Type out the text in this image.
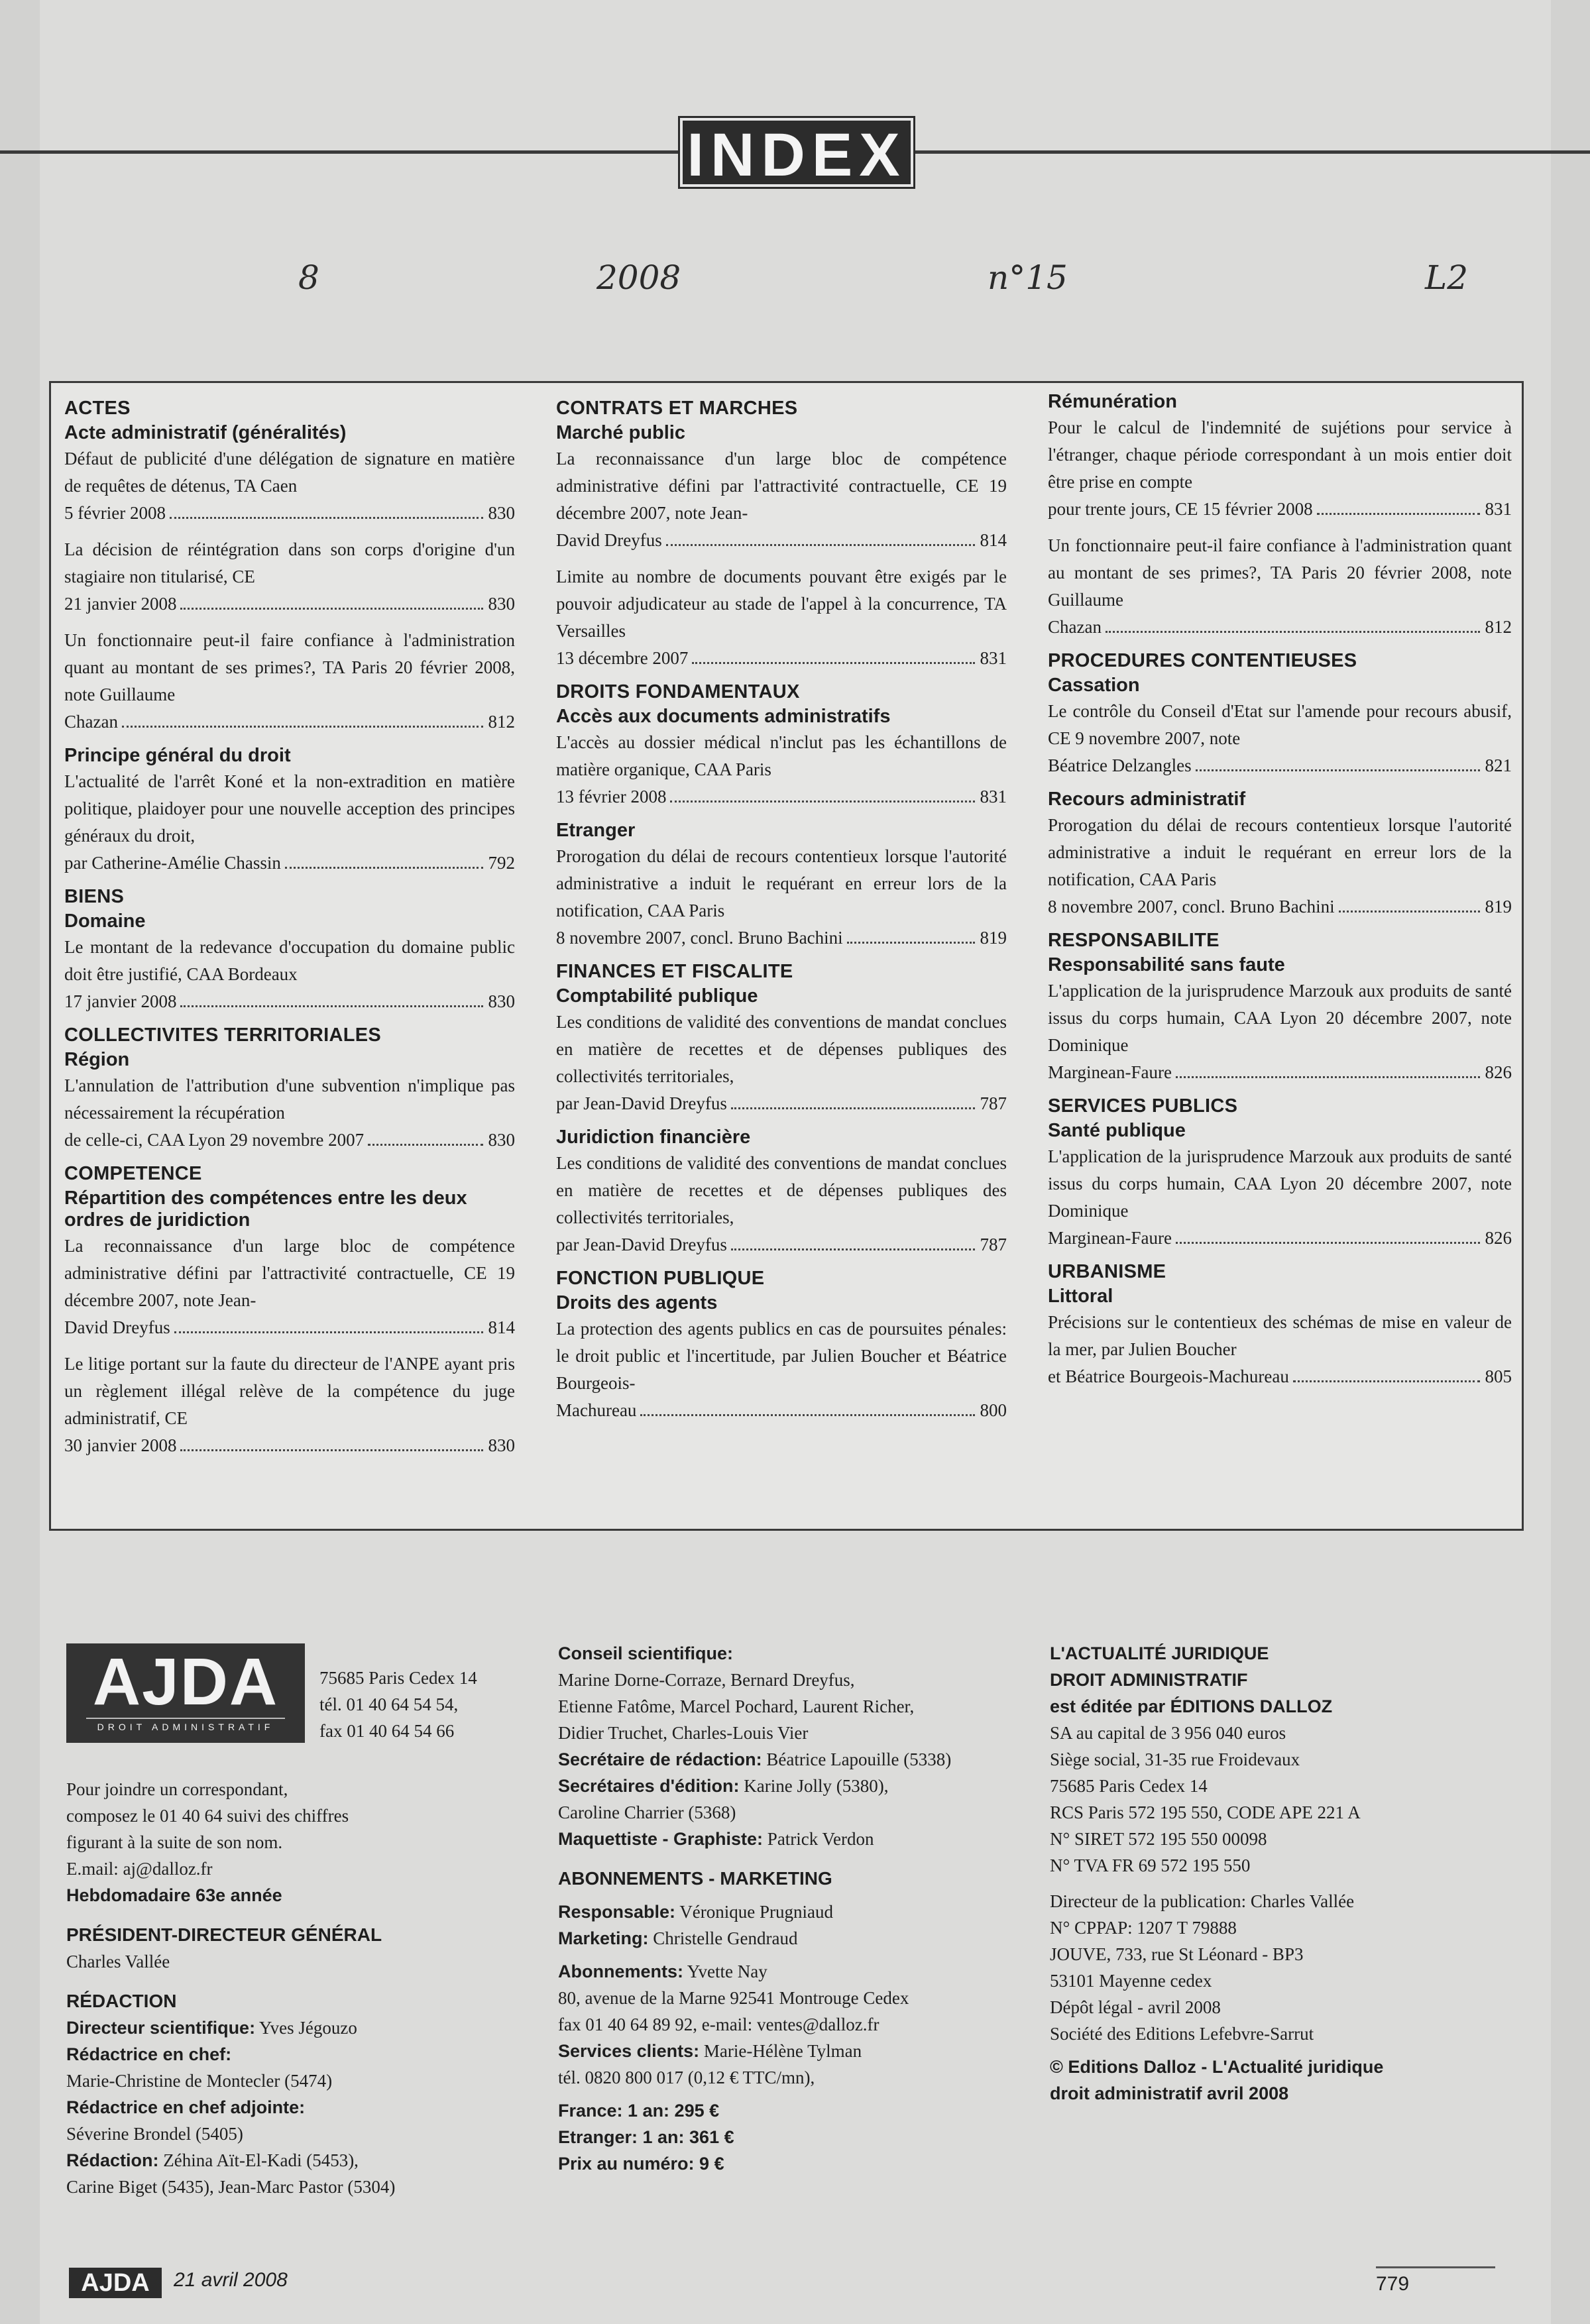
INDEX
8	2008	n°15	L2
ACTES
Acte administratif (généralités)
Défaut de publicité d'une délégation de signature en matière de requêtes de détenus, TA Caen
5 février 2008	830
La décision de réintégration dans son corps d'origine d'un stagiaire non titularisé, CE
21 janvier 2008	830
Un fonctionnaire peut-il faire confiance à l'administration quant au montant de ses primes?, TA Paris 20 février 2008, note Guillaume
Chazan	812
Principe général du droit
L'actualité de l'arrêt Koné et la non-extradition en matière politique, plaidoyer pour une nouvelle acception des principes généraux du droit,
par Catherine-Amélie Chassin	792
BIENS
Domaine
Le montant de la redevance d'occupation du domaine public doit être justifié, CAA Bordeaux
17 janvier 2008	830
COLLECTIVITES TERRITORIALES
Région
L'annulation de l'attribution d'une subvention n'implique pas nécessairement la récupération
de celle-ci, CAA Lyon 29 novembre 2007	830
COMPETENCE
Répartition des compétences entre les deux ordres de juridiction
La reconnaissance d'un large bloc de compétence administrative défini par l'attractivité contractuelle, CE 19 décembre 2007, note Jean-
David Dreyfus	814
Le litige portant sur la faute du directeur de l'ANPE ayant pris un règlement illégal relève de la compétence du juge administratif, CE
30 janvier 2008	830
CONTRATS ET MARCHES
Marché public
La reconnaissance d'un large bloc de compétence administrative défini par l'attractivité contractuelle, CE 19 décembre 2007, note Jean-
David Dreyfus	814
Limite au nombre de documents pouvant être exigés par le pouvoir adjudicateur au stade de l'appel à la concurrence, TA Versailles
13 décembre 2007	831
DROITS FONDAMENTAUX
Accès aux documents administratifs
L'accès au dossier médical n'inclut pas les échantillons de matière organique, CAA Paris
13 février 2008	831
Etranger
Prorogation du délai de recours contentieux lorsque l'autorité administrative a induit le requérant en erreur lors de la notification, CAA Paris
8 novembre 2007, concl. Bruno Bachini	819
FINANCES ET FISCALITE
Comptabilité publique
Les conditions de validité des conventions de mandat conclues en matière de recettes et de dépenses publiques des collectivités territoriales,
par Jean-David Dreyfus	787
Juridiction financière
Les conditions de validité des conventions de mandat conclues en matière de recettes et de dépenses publiques des collectivités territoriales,
par Jean-David Dreyfus	787
FONCTION PUBLIQUE
Droits des agents
La protection des agents publics en cas de poursuites pénales: le droit public et l'incertitude, par Julien Boucher et Béatrice Bourgeois-
Machureau	800
Rémunération
Pour le calcul de l'indemnité de sujétions pour service à l'étranger, chaque période correspondant à un mois entier doit être prise en compte
pour trente jours, CE 15 février 2008	831
Un fonctionnaire peut-il faire confiance à l'administration quant au montant de ses primes?, TA Paris 20 février 2008, note Guillaume
Chazan	812
PROCEDURES CONTENTIEUSES
Cassation
Le contrôle du Conseil d'Etat sur l'amende pour recours abusif, CE 9 novembre 2007, note
Béatrice Delzangles	821
Recours administratif
Prorogation du délai de recours contentieux lorsque l'autorité administrative a induit le requérant en erreur lors de la notification, CAA Paris
8 novembre 2007, concl. Bruno Bachini	819
RESPONSABILITE
Responsabilité sans faute
L'application de la jurisprudence Marzouk aux produits de santé issus du corps humain, CAA Lyon 20 décembre 2007, note Dominique
Marginean-Faure	826
SERVICES PUBLICS
Santé publique
L'application de la jurisprudence Marzouk aux produits de santé issus du corps humain, CAA Lyon 20 décembre 2007, note Dominique
Marginean-Faure	826
URBANISME
Littoral
Précisions sur le contentieux des schémas de mise en valeur de la mer, par Julien Boucher
et Béatrice Bourgeois-Machureau	805
AJDA
DROIT ADMINISTRATIF
75685 Paris Cedex 14
tél. 01 40 64 54 54,
fax 01 40 64 54 66
Pour joindre un correspondant,
composez le 01 40 64 suivi des chiffres
figurant à la suite de son nom.
E.mail: aj@dalloz.fr
Hebdomadaire 63e année
PRÉSIDENT-DIRECTEUR GÉNÉRAL
Charles Vallée
RÉDACTION
Directeur scientifique: Yves Jégouzo
Rédactrice en chef:
Marie-Christine de Montecler (5474)
Rédactrice en chef adjointe:
Séverine Brondel (5405)
Rédaction: Zéhina Aït-El-Kadi (5453),
Carine Biget (5435), Jean-Marc Pastor (5304)
Conseil scientifique:
Marine Dorne-Corraze, Bernard Dreyfus,
Etienne Fatôme, Marcel Pochard, Laurent Richer,
Didier Truchet, Charles-Louis Vier
Secrétaire de rédaction: Béatrice Lapouille (5338)
Secrétaires d'édition: Karine Jolly (5380),
Caroline Charrier (5368)
Maquettiste - Graphiste: Patrick Verdon
ABONNEMENTS - MARKETING
Responsable: Véronique Prugniaud
Marketing: Christelle Gendraud
Abonnements: Yvette Nay
80, avenue de la Marne 92541 Montrouge Cedex
fax 01 40 64 89 92, e-mail: ventes@dalloz.fr
Services clients: Marie-Hélène Tylman
tél. 0820 800 017 (0,12 € TTC/mn),
France: 1 an: 295 €
Etranger: 1 an: 361 €
Prix au numéro: 9 €
L'ACTUALITÉ JURIDIQUE
DROIT ADMINISTRATIF
est éditée par ÉDITIONS DALLOZ
SA au capital de 3 956 040 euros
Siège social, 31-35 rue Froidevaux
75685 Paris Cedex 14
RCS Paris 572 195 550, CODE APE 221 A
N° SIRET 572 195 550 00098
N° TVA FR 69 572 195 550
Directeur de la publication: Charles Vallée
N° CPPAP: 1207 T 79888
JOUVE, 733, rue St Léonard - BP3
53101 Mayenne cedex
Dépôt légal - avril 2008
Société des Editions Lefebvre-Sarrut
© Editions Dalloz - L'Actualité juridique
droit administratif avril 2008
AJDA	21 avril 2008	779
